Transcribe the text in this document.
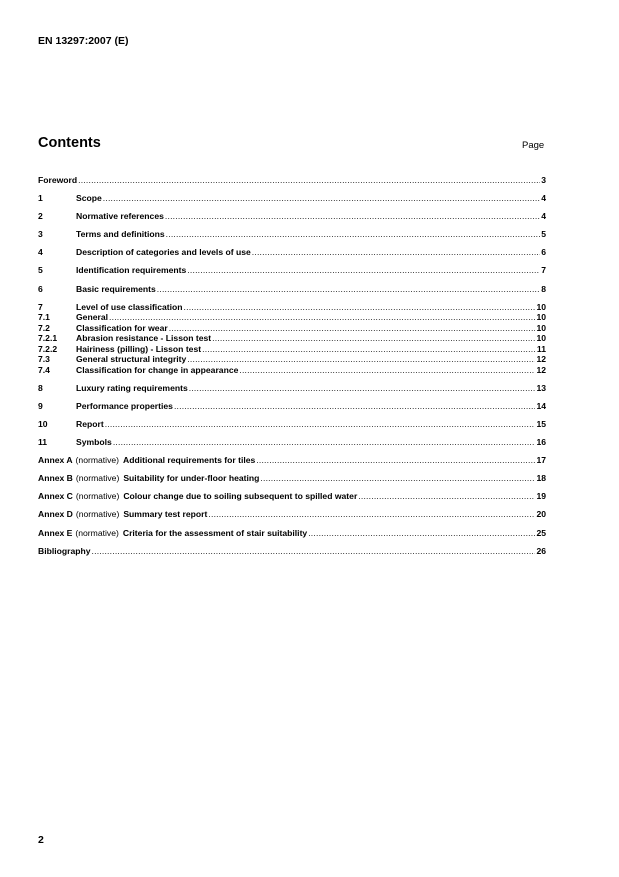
EN 13297:2007 (E)
Contents	Page
Foreword .....	3
1	Scope .....	4
2	Normative references .....	4
3	Terms and definitions .....	5
4	Description of categories and levels of use .....	6
5	Identification requirements .....	7
6	Basic requirements .....	8
7	Level of use classification .....	10
7.1	General .....	10
7.2	Classification for wear .....	10
7.2.1	Abrasion resistance - Lisson test .....	10
7.2.2	Hairiness (pilling) - Lisson test .....	11
7.3	General structural integrity .....	12
7.4	Classification for change in appearance .....	12
8	Luxury rating requirements .....	13
9	Performance properties .....	14
10	Report .....	15
11	Symbols .....	16
Annex A (normative) Additional requirements for tiles .....	17
Annex B (normative) Suitability for under-floor heating .....	18
Annex C (normative) Colour change due to soiling subsequent to spilled water .....	19
Annex D (normative) Summary test report .....	20
Annex E (normative) Criteria for the assessment of stair suitability .....	25
Bibliography .....	26
2
